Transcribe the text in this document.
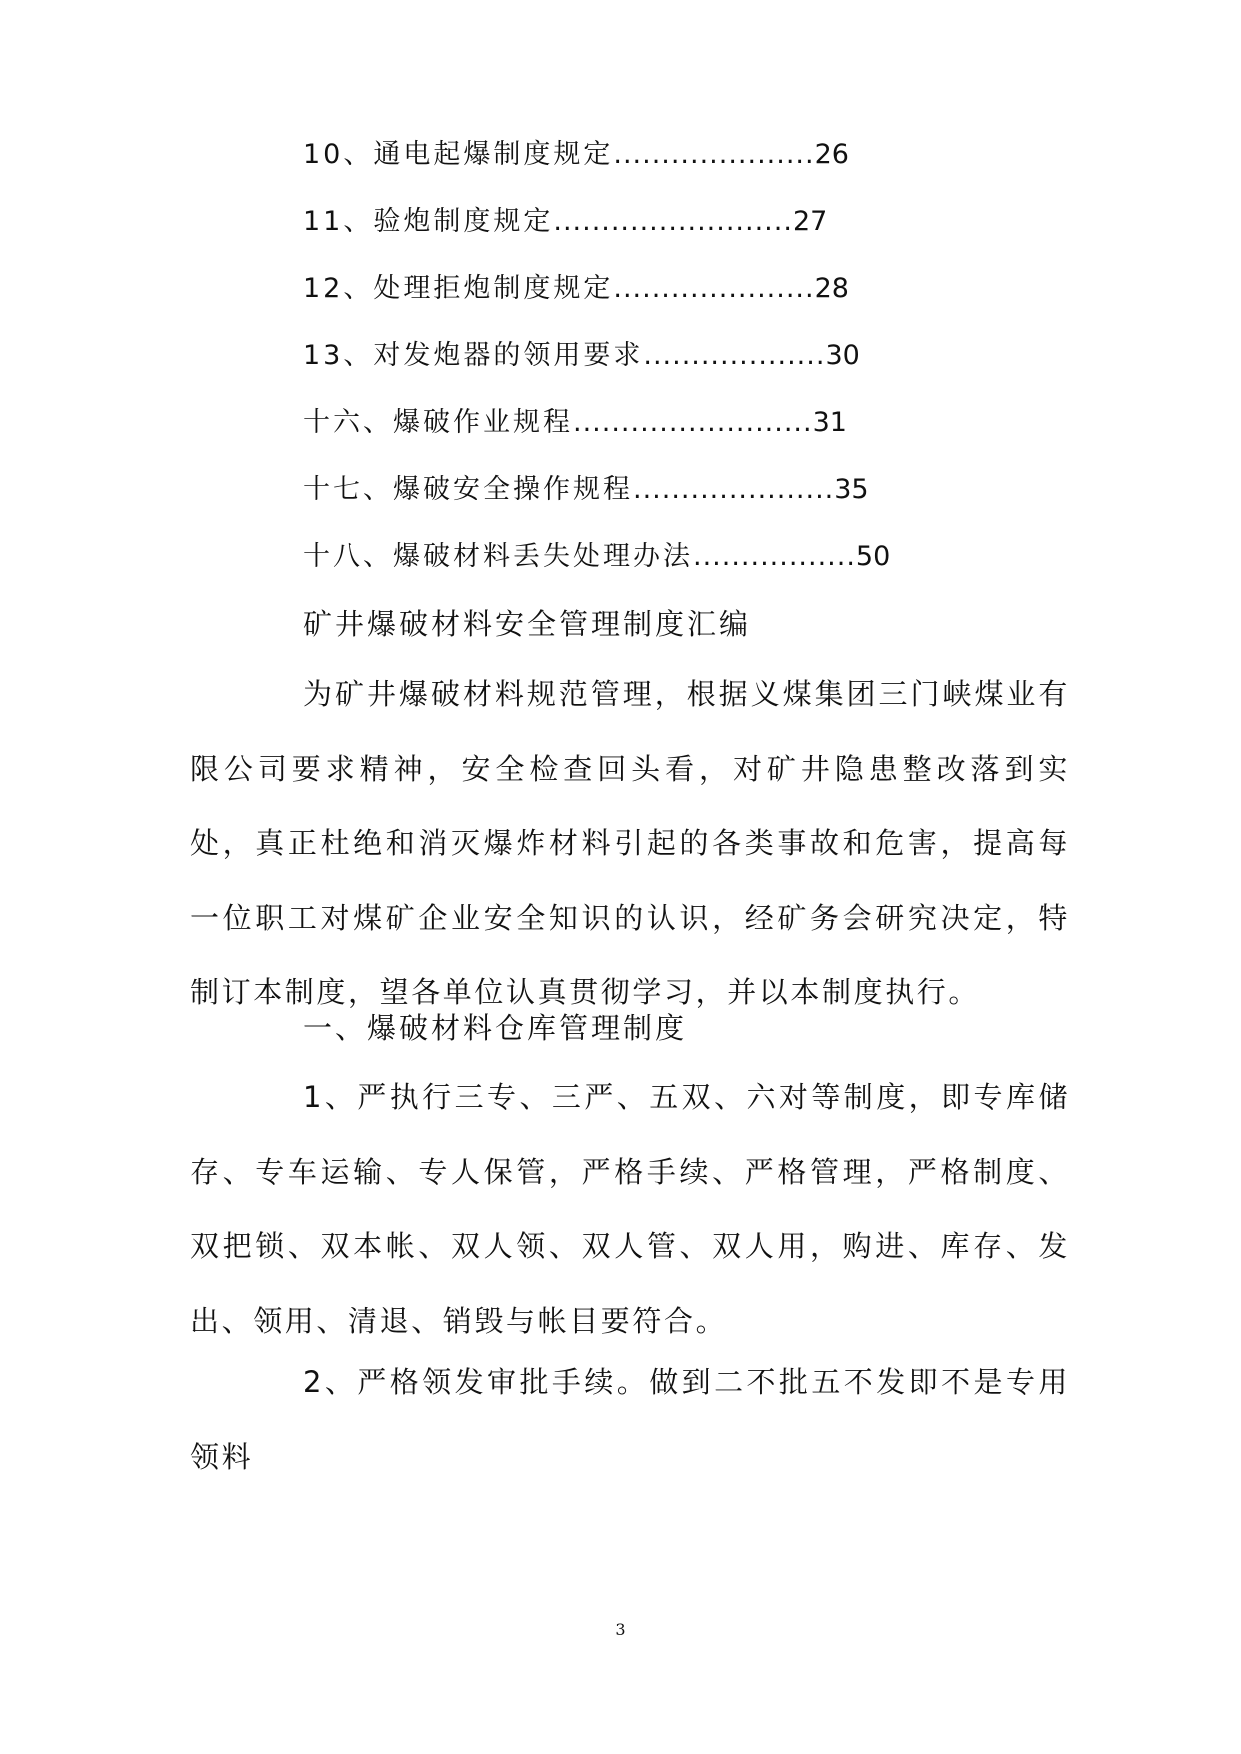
10、通电起爆制度规定.....................26
11、验炮制度规定.........................27
12、处理拒炮制度规定.....................28
13、对发炮器的领用要求...................30
十六、爆破作业规程.........................31
十七、爆破安全操作规程.....................35
十八、爆破材料丢失处理办法.................50
矿井爆破材料安全管理制度汇编

为矿井爆破材料规范管理，根据义煤集团三门峡煤业有限公司要求精神，安全检查回头看，对矿井隐患整改落到实处，真正杜绝和消灭爆炸材料引起的各类事故和危害，提高每一位职工对煤矿企业安全知识的认识，经矿务会研究决定，特制订本制度，望各单位认真贯彻学习，并以本制度执行。

一、爆破材料仓库管理制度

1、严执行三专、三严、五双、六对等制度，即专库储存、专车运输、专人保管，严格手续、严格管理，严格制度、双把锁、双本帐、双人领、双人管、双人用，购进、库存、发出、领用、清退、销毁与帐目要符合。

2、严格领发审批手续。做到二不批五不发即不是专用领料

3
